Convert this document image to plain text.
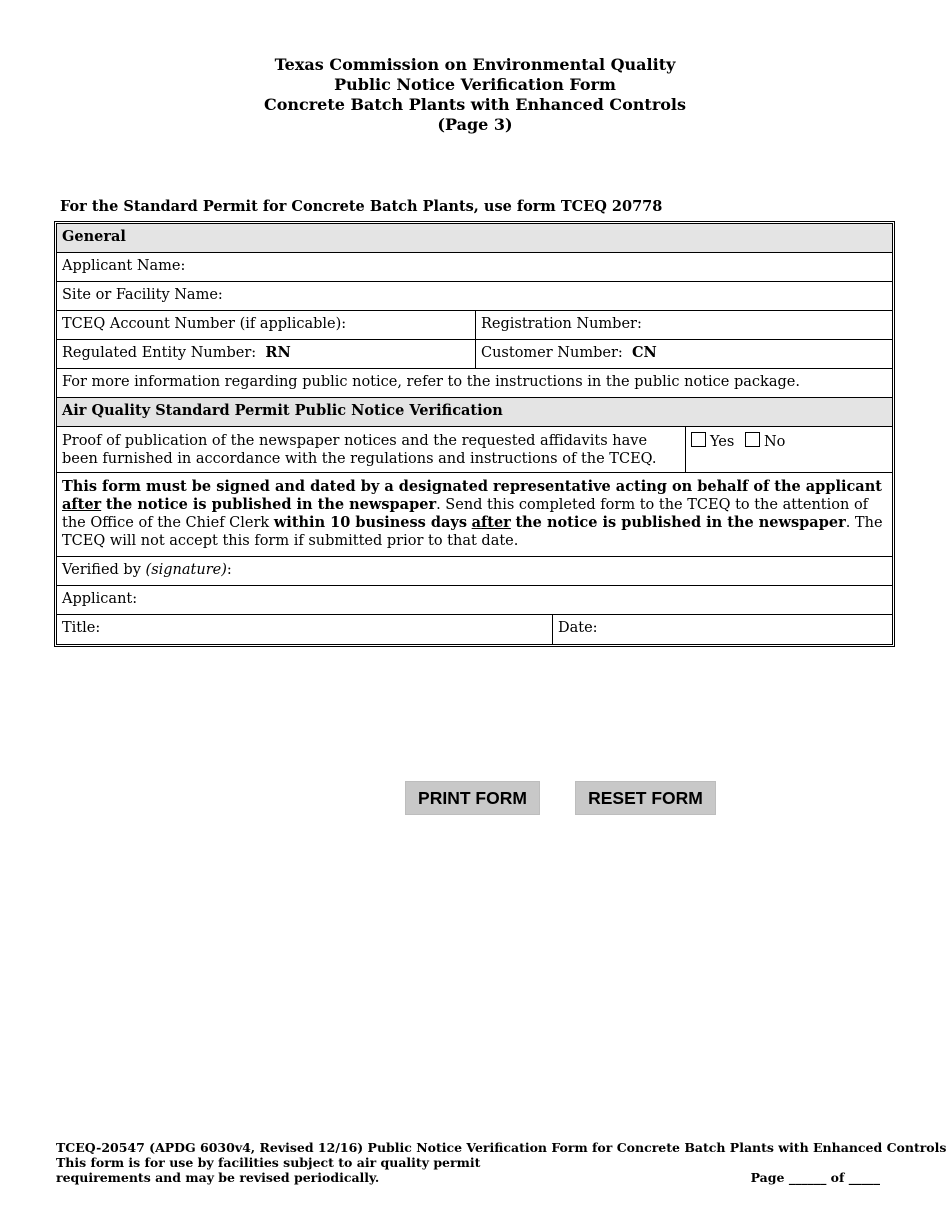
Texas Commission on Environmental Quality
Public Notice Verification Form
Concrete Batch Plants with Enhanced Controls
(Page 3)
For the Standard Permit for Concrete Batch Plants, use form TCEQ 20778
General
Applicant Name:
Site or Facility Name:
TCEQ Account Number (if applicable):	Registration Number:
Regulated Entity Number: RN	Customer Number: CN
For more information regarding public notice, refer to the instructions in the public notice package.
Air Quality Standard Permit Public Notice Verification
Proof of publication of the newspaper notices and the requested affidavits have been furnished in accordance with the regulations and instructions of the TCEQ.
Yes No
This form must be signed and dated by a designated representative acting on behalf of the applicant after the notice is published in the newspaper. Send this completed form to the TCEQ to the attention of the Office of the Chief Clerk within 10 business days after the notice is published in the newspaper. The TCEQ will not accept this form if submitted prior to that date.
Verified by (signature):
Applicant:
Title:	Date:
PRINT FORM	RESET FORM
TCEQ-20547 (APDG 6030v4, Revised 12/16) Public Notice Verification Form for Concrete Batch Plants with Enhanced Controls
This form is for use by facilities subject to air quality permit
requirements and may be revised periodically.	Page ______ of _____
